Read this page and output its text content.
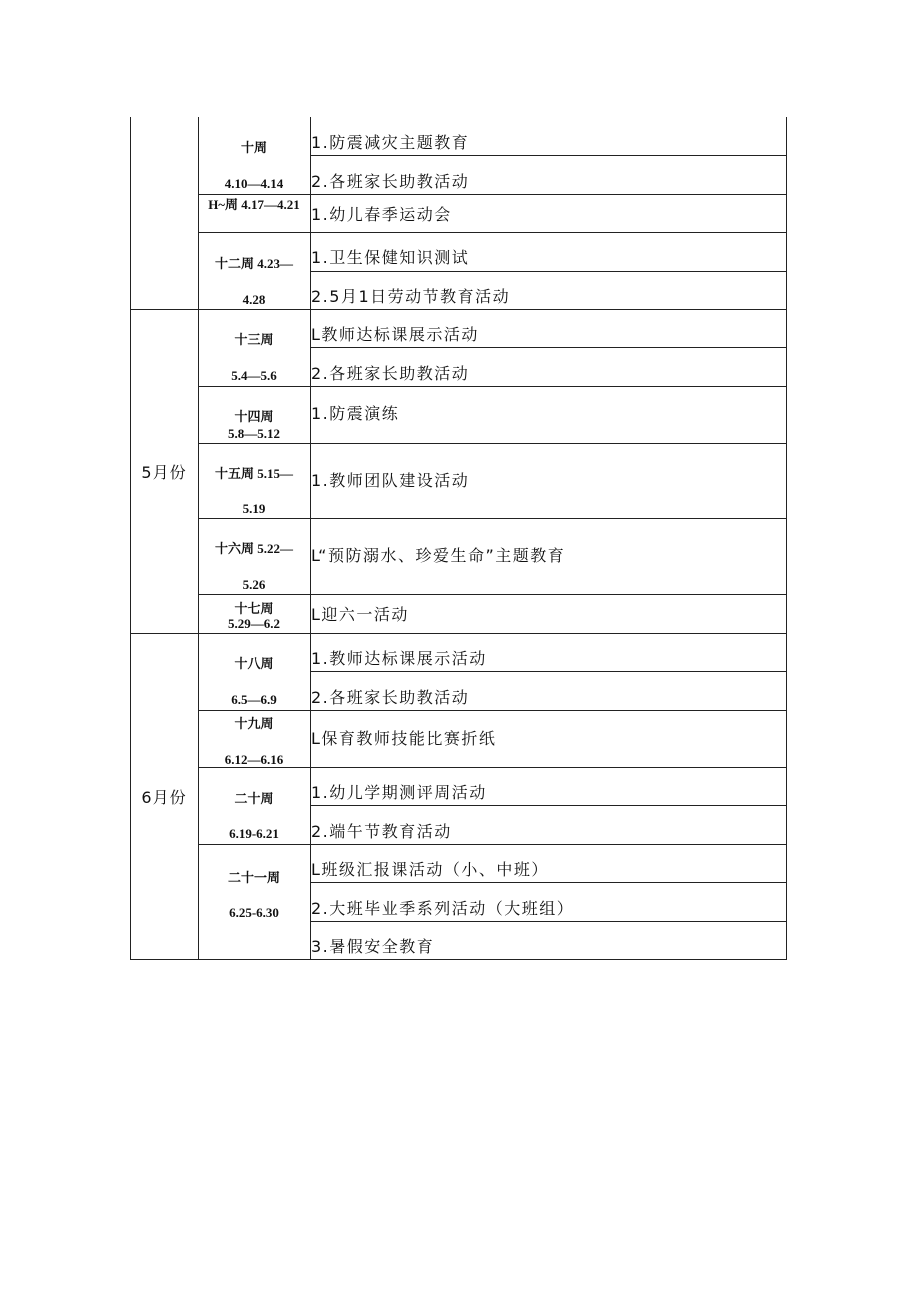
5月份
6月份
十周
4.10—4.14
H~周 4.17—4.21
十二周 4.23—
4.28
十三周
5.4—5.6
十四周
5.8—5.12
十五周 5.15—
5.19
十六周 5.22—
5.26
十七周
5.29—6.2
十八周
6.5—6.9
十九周
6.12—6.16
二十周
6.19-6.21
二十一周
6.25-6.30
1.防震减灾主题教育
2.各班家长助教活动
1.幼儿春季运动会
1.卫生保健知识测试
2.5月1日劳动节教育活动
L教师达标课展示活动
2.各班家长助教活动
1.防震演练
1.教师团队建设活动
L“预防溺水、珍爱生命”主题教育
L迎六一活动
1.教师达标课展示活动
2.各班家长助教活动
L保育教师技能比赛折纸
1.幼儿学期测评周活动
2.端午节教育活动
L班级汇报课活动（小、中班）
2.大班毕业季系列活动（大班组）
3.暑假安全教育
